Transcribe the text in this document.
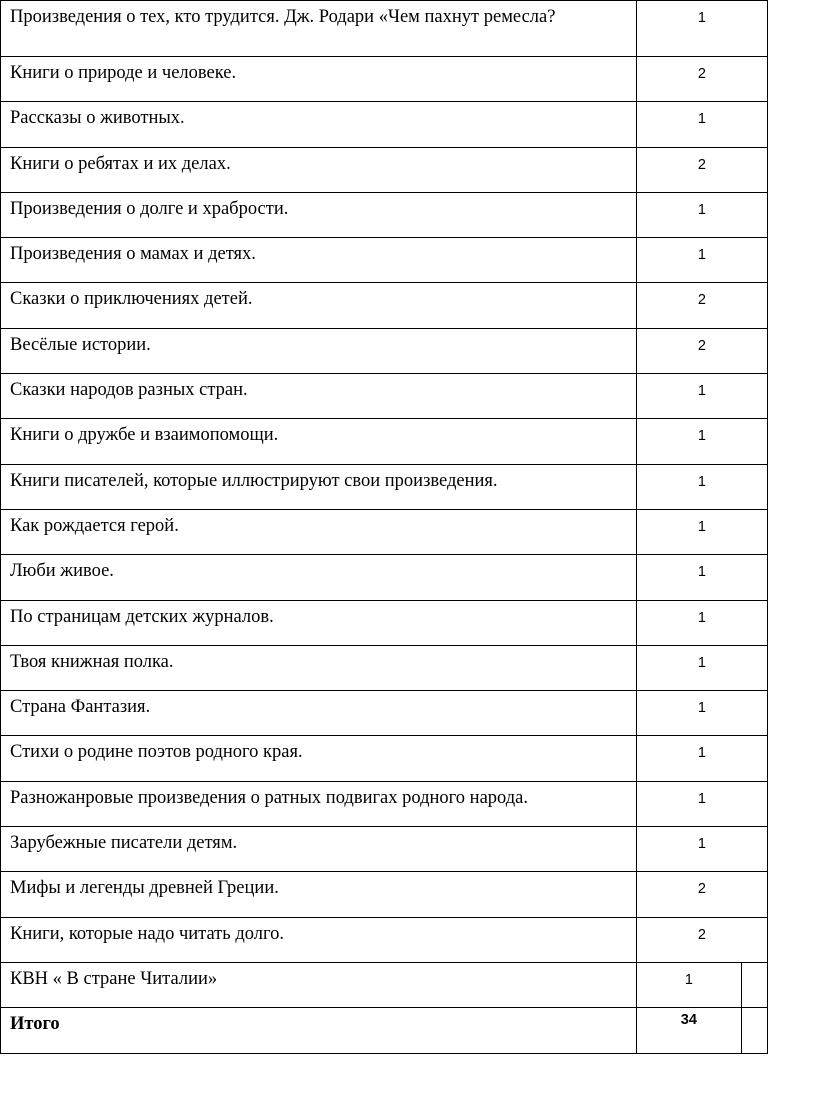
Произведения о тех, кто трудится. Дж. Родари «Чем пахнут ремесла?	1	
Книги о природе и человеке.	2	
Рассказы о животных.	1	
Книги о ребятах и их делах.	2	
Произведения о долге и храбрости.	1	
Произведения о мамах и детях.	1	
Сказки о приключениях детей.	2	
Весёлые истории.	2	
Сказки народов разных стран.	1	
Книги о дружбе и взаимопомощи.	1	
Книги писателей, которые иллюстрируют свои произведения.	1	
Как рождается герой.	1	
Люби живое.	1	
По страницам детских журналов.	1	
Твоя книжная полка.	1	
Страна Фантазия.	1	
Стихи о родине поэтов родного края.	1	
Разножанровые произведения о ратных подвигах родного народа.	1	
Зарубежные писатели детям.	1	
Мифы и легенды древней Греции.	2	
Книги, которые надо читать долго.	2	
КВН « В стране Читалии»	1	
Итого	34	
